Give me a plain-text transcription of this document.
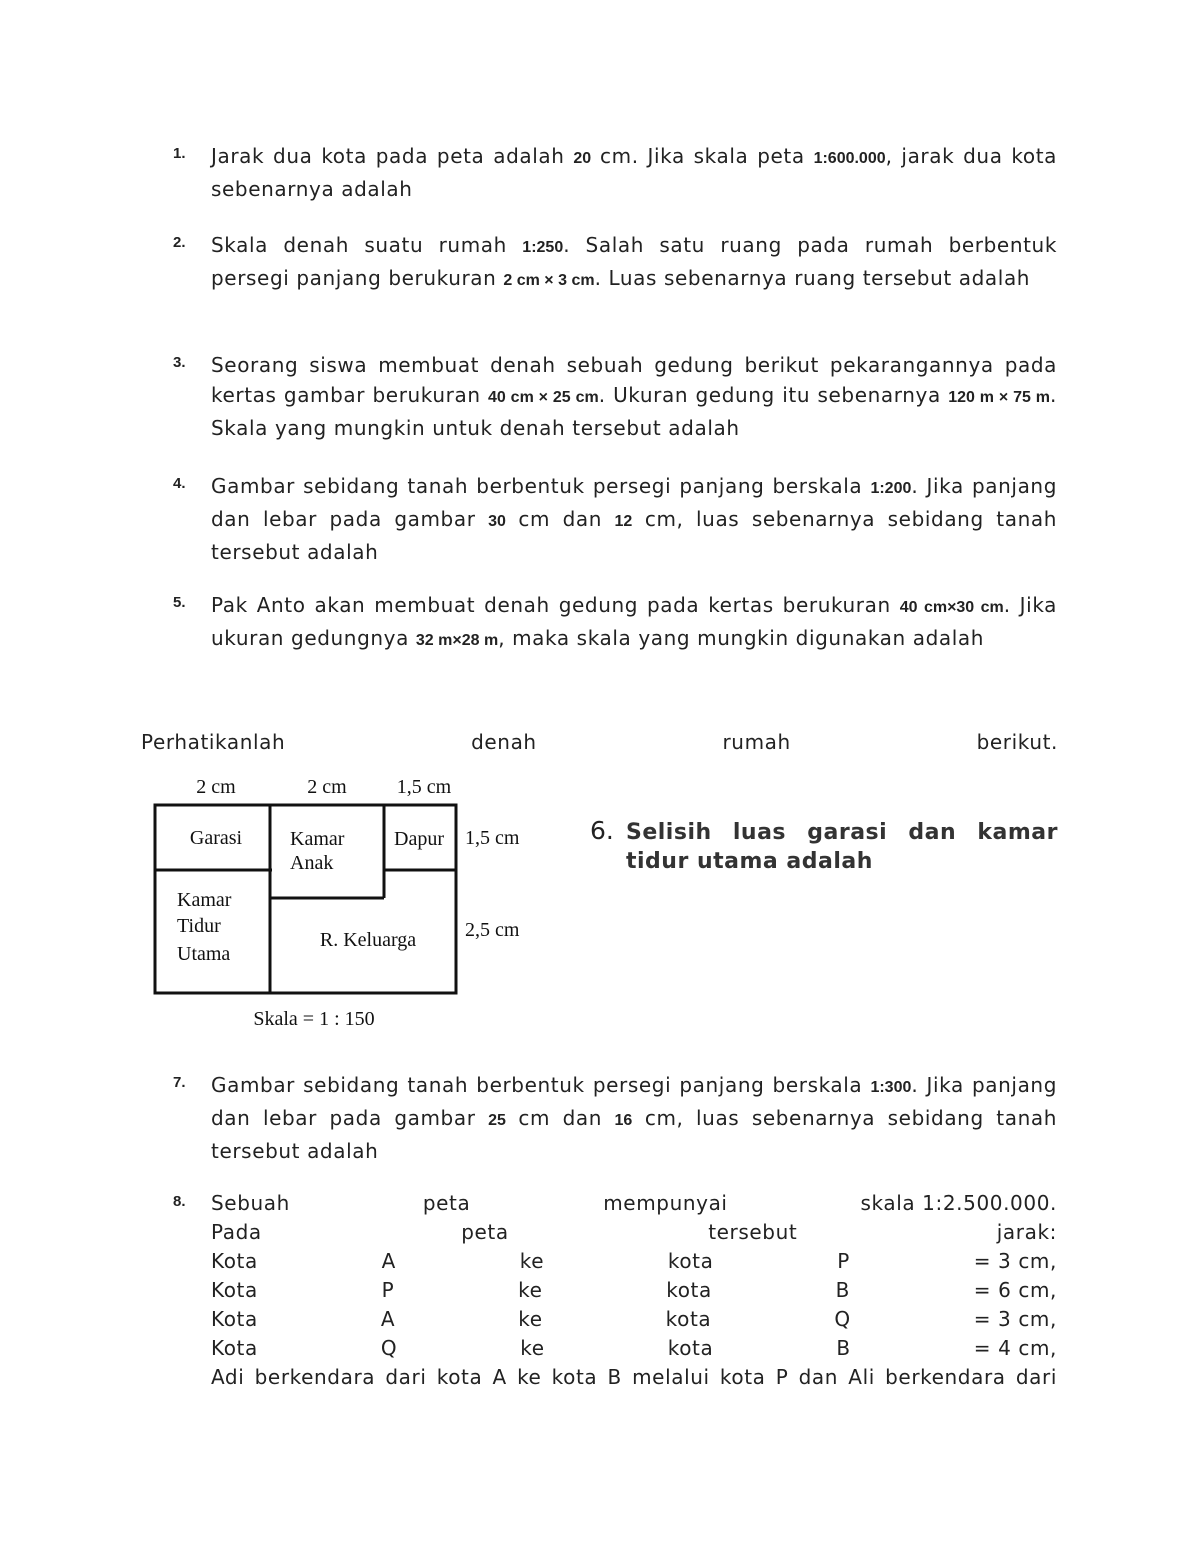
1. Jarak dua kota pada peta adalah 20 cm. Jika skala peta 1:600.000, jarak dua kota sebenarnya adalah
2. Skala denah suatu rumah 1:250. Salah satu ruang pada rumah berbentuk persegi panjang berukuran 2 cm × 3 cm. Luas sebenarnya ruang tersebut adalah
3. Seorang siswa membuat denah sebuah gedung berikut pekarangannya pada kertas gambar berukuran 40 cm × 25 cm. Ukuran gedung itu sebenarnya 120 m × 75 m. Skala yang mungkin untuk denah tersebut adalah
4. Gambar sebidang tanah berbentuk persegi panjang berskala 1:200. Jika panjang dan lebar pada gambar 30 cm dan 12 cm, luas sebenarnya sebidang tanah tersebut adalah
5. Pak Anto akan membuat denah gedung pada kertas berukuran 40 cm×30 cm. Jika ukuran gedungnya 32 m×28 m, maka skala yang mungkin digunakan adalah
Perhatikanlah	denah	rumah	berikut.
2 cm	2 cm	1,5 cm
1,5 cm
2,5 cm
Garasi Kamar
Anak
Dapur
Kamar
Tidur
Utama
R. Keluarga
Skala = 1 : 150
6. Selisih luas garasi dan kamar tidur utama adalah
7. Gambar sebidang tanah berbentuk persegi panjang berskala 1:300. Jika panjang dan lebar pada gambar 25 cm dan 16 cm, luas sebenarnya sebidang tanah tersebut adalah
8. Sebuah	peta	mempunyai	skala 1:2.500.000.
Pada	peta	tersebut	jarak:
Kota	A	ke	kota	P	= 3 cm,
Kota	P	ke	kota	B	= 6 cm,
Kota	A	ke	kota	Q	= 3 cm,
Kota	Q	ke	kota	B	= 4 cm,
Adi berkendara dari kota A ke kota B melalui kota P dan Ali berkendara dari
